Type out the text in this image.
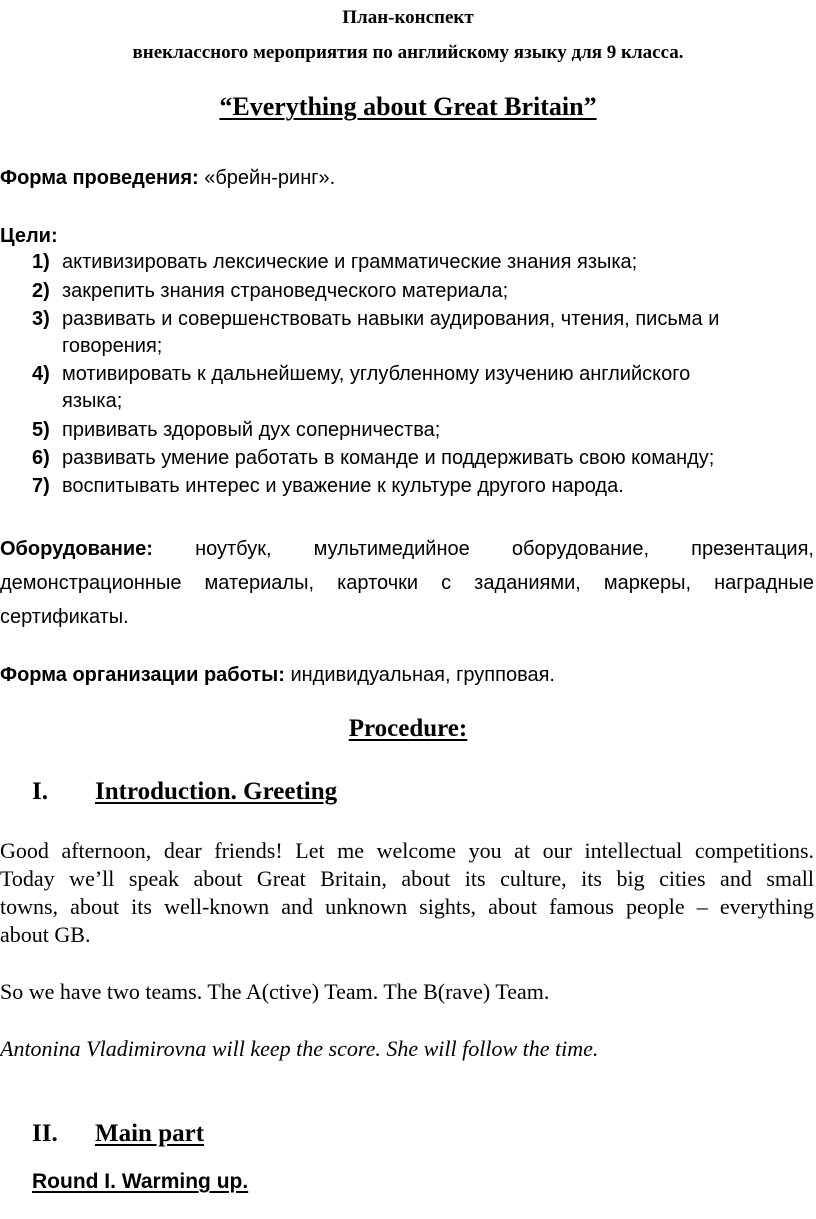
План-конспект
внеклассного мероприятия по английскому языку для 9 класса.
“Everything about Great Britain”
Форма проведения: «брейн-ринг».
Цели:
1) активизировать лексические и грамматические знания языка;
2) закрепить знания страноведческого материала;
3) развивать и совершенствовать навыки аудирования, чтения, письма и
говорения;
4) мотивировать к дальнейшему, углубленному изучению английского
языка;
5) прививать здоровый дух соперничества;
6) развивать умение работать в команде и поддерживать свою команду;
7) воспитывать интерес и уважение к культуре другого народа.
Оборудование: ноутбук, мультимедийное оборудование, презентация,
демонстрационные материалы, карточки с заданиями, маркеры, наградные
сертификаты.
Форма организации работы: индивидуальная, групповая.
Procedure:
I. Introduction. Greeting
Good afternoon, dear friends! Let me welcome you at our intellectual competitions.
Today we’ll speak about Great Britain, about its culture, its big cities and small
towns, about its well-known and unknown sights, about famous people – everything
about GB.
So we have two teams. The A(ctive) Team. The B(rave) Team.
Antonina Vladimirovna will keep the score. She will follow the time.
II. Main part
Round I. Warming up.
